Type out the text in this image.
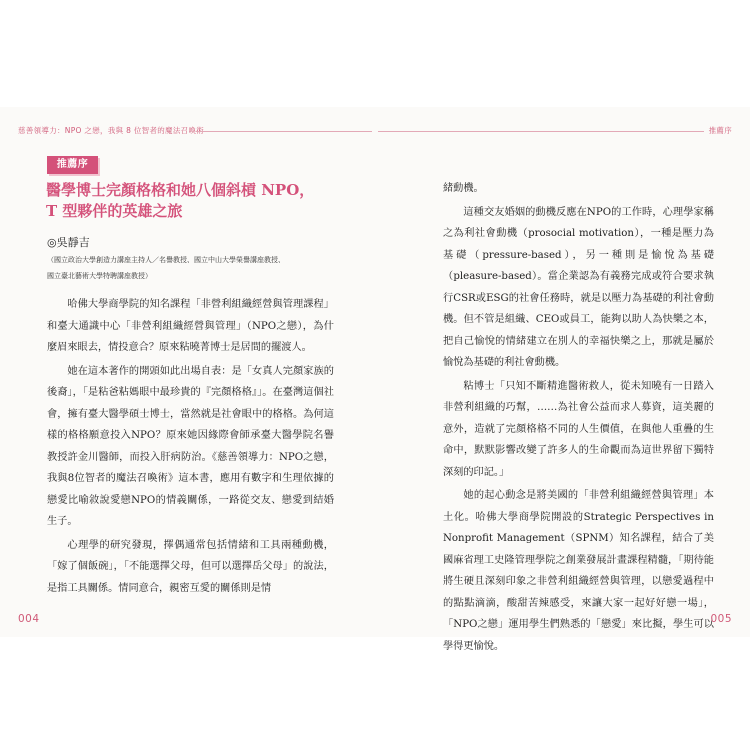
慈善領導力：NPO 之戀，我與 8 位智者的魔法召喚術	推薦序
推薦序
醫學博士完顏格格和她八個斜槓 NPO，
T 型夥伴的英雄之旅
◎吳靜吉
（國立政治大學創造力講座主持人／名譽教授、國立中山大學榮譽講座教授、
國立臺北藝術大學特聘講座教授）

哈佛大學商學院的知名課程「非營利組織經營與管理課程」和臺大通識中心「非營利組織經營與管理」（NPO之戀），為什麼眉來眼去，情投意合？原來粘曉菁博士是居間的擺渡人。

她在這本著作的開頭如此出場自表：是「女真人完顏家族的後裔」，「是粘爸粘媽眼中最珍貴的『完顏格格』」。在臺灣這個社會，擁有臺大醫學碩士博士，當然就是社會眼中的格格。為何這樣的格格願意投入NPO？原來她因緣際會師承臺大醫學院名譽教授許金川醫師，而投入肝病防治。《慈善領導力：NPO之戀，我與8位智者的魔法召喚術》這本書，應用有數字和生理依據的戀愛比喻敘說愛戀NPO的情義關係，一路從交友、戀愛到結婚生子。

心理學的研究發現，擇偶通常包括情緒和工具兩種動機，「嫁了個飯碗」，「不能選擇父母，但可以選擇岳父母」的說法，是指工具關係。情同意合，親密互愛的關係則是情

緒動機。

這種交友婚姻的動機反應在NPO的工作時，心理學家稱之為利社會動機（prosocial motivation），一種是壓力為基礎（pressure-based），另一種則是愉悅為基礎（pleasure-based）。當企業認為有義務完成或符合要求執行CSR或ESG的社會任務時，就是以壓力為基礎的利社會動機。但不管是組織、CEO或員工，能夠以助人為快樂之本，把自己愉悅的情緒建立在別人的幸福快樂之上，那就是屬於愉悅為基礎的利社會動機。

粘博士「只知不斷精進醫術救人，從未知曉有一日踏入非營利組織的巧幫，……為社會公益而求人募資，這美麗的意外，造就了完顏格格不同的人生價值，在與他人重疊的生命中，默默影響改變了許多人的生命觀而為這世界留下獨特深刻的印記。」

她的起心動念是將美國的「非營利組織經營與管理」本土化。哈佛大學商學院開設的Strategic Perspectives in Nonprofit Management（SPNM）知名課程，結合了美國麻省理工史隆管理學院之創業發展計畫課程精髓，「期待能將生硬且深刻印象之非營利組織經營與管理，以戀愛過程中的點點滴滴，酸甜苦辣感受，來讓大家一起好好戀一場」，「NPO之戀」運用學生們熟悉的「戀愛」來比擬，學生可以學得更愉悅。

004	005
